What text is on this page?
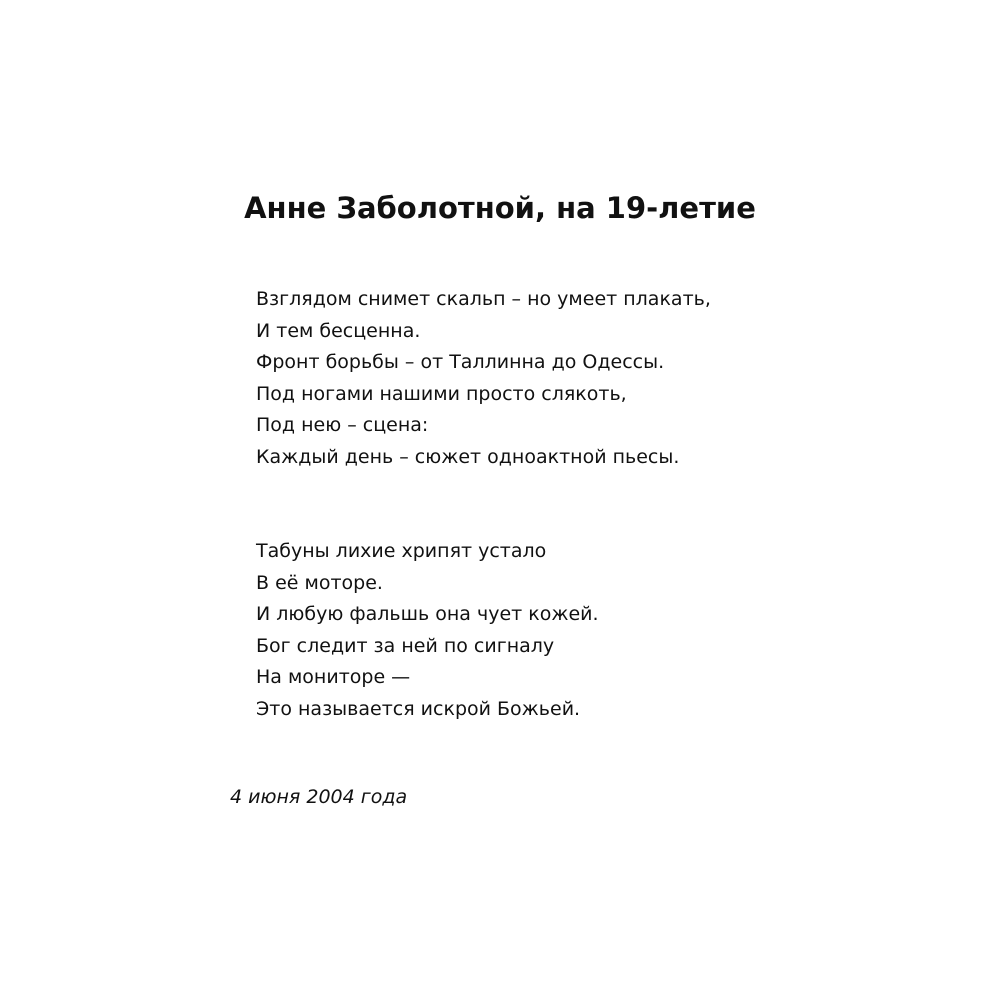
Анне Заболотной, на 19-летие
Взглядом снимет скальп – но умеет плакать,
И тем бесценна.
Фронт борьбы – от Таллинна до Одессы.
Под ногами нашими просто слякоть,
Под нею – сцена:
Каждый день – сюжет одноактной пьесы.
Табуны лихие хрипят устало
В её моторе.
И любую фальшь она чует кожей.
Бог следит за ней по сигналу
На мониторе —
Это называется искрой Божьей.

4 июня 2004 года
